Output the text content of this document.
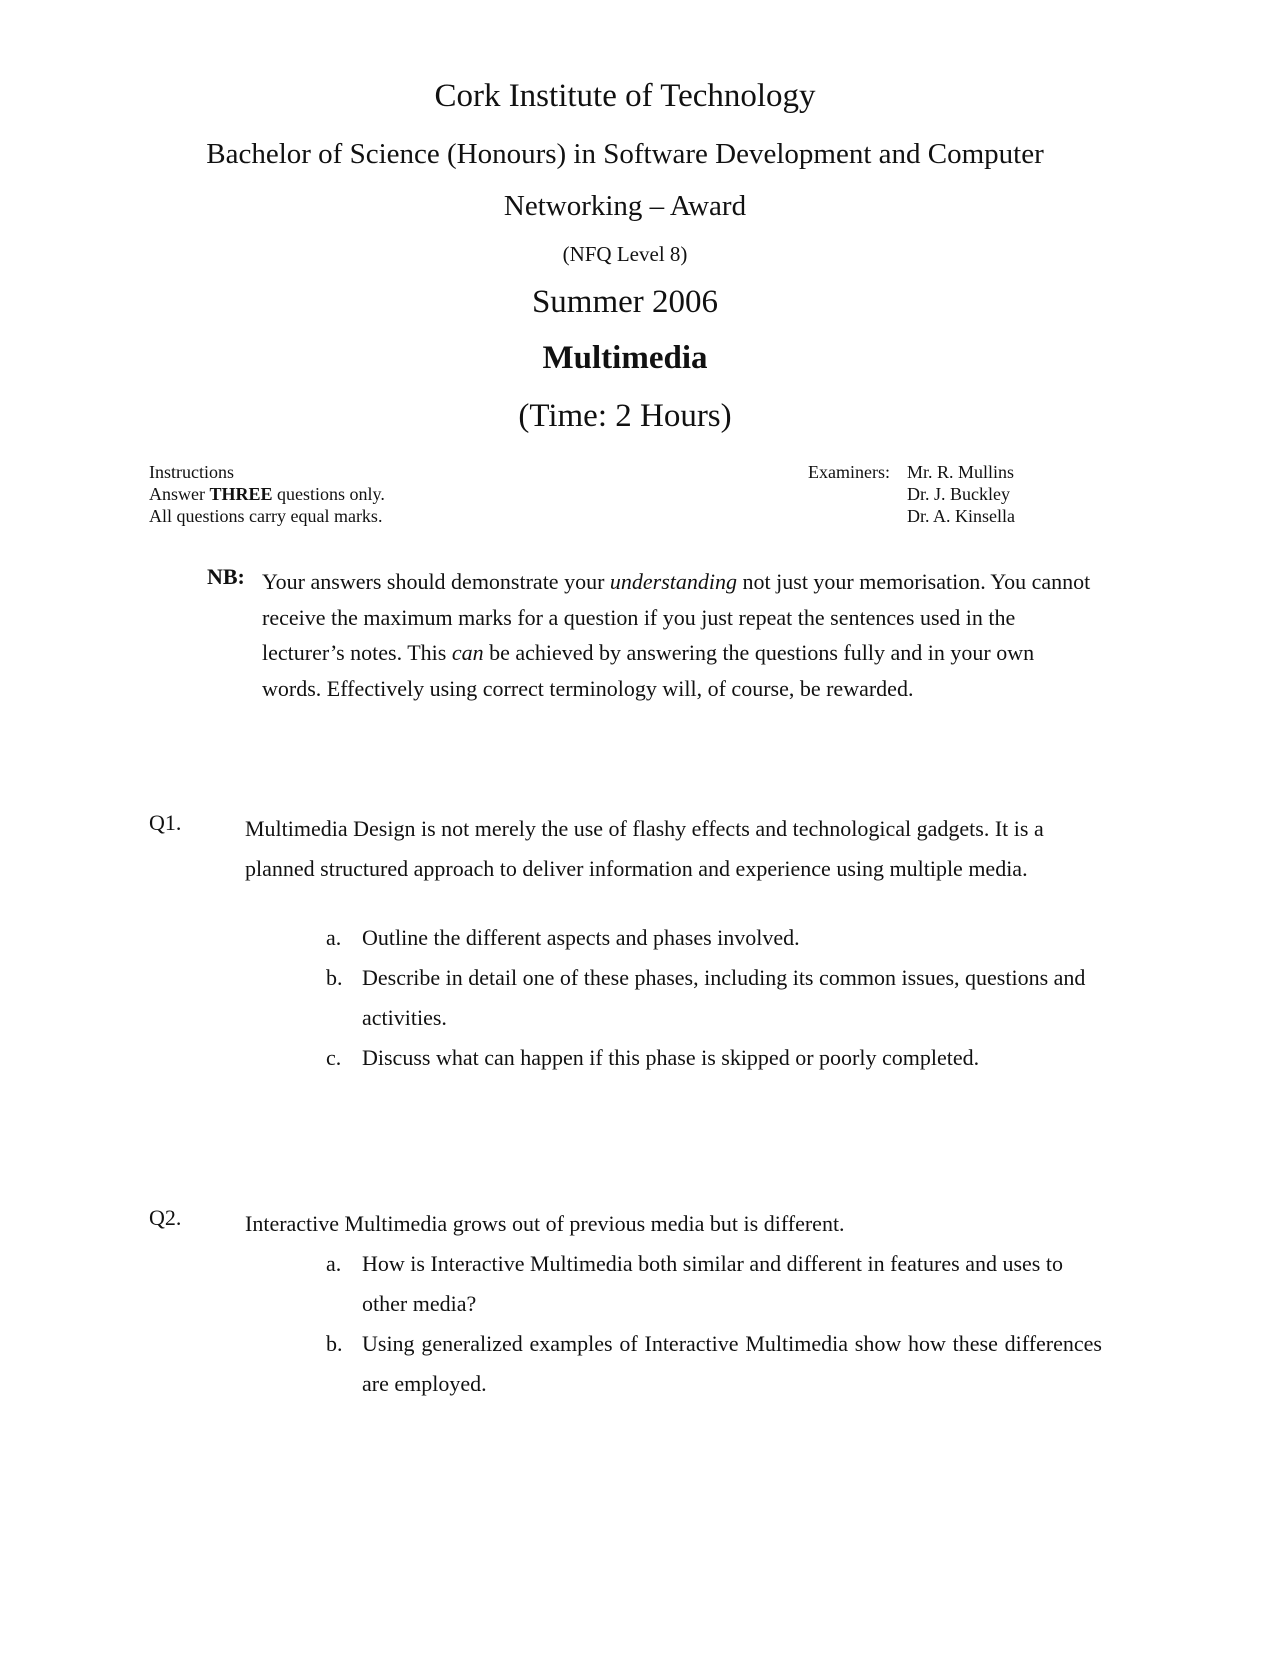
Cork Institute of Technology
Bachelor of Science (Honours) in Software Development and Computer
Networking – Award
(NFQ Level 8)
Summer 2006
Multimedia
(Time: 2 Hours)
Instructions
Answer THREE questions only.
All questions carry equal marks.
Examiners: Mr. R. Mullins
Dr. J. Buckley
Dr. A. Kinsella
NB: Your answers should demonstrate your understanding not just your memorisation. You cannot receive the maximum marks for a question if you just repeat the sentences used in the lecturer’s notes. This can be achieved by answering the questions fully and in your own words. Effectively using correct terminology will, of course, be rewarded.
Q1.	Multimedia Design is not merely the use of flashy effects and technological gadgets. It is a planned structured approach to deliver information and experience using multiple media.
a. Outline the different aspects and phases involved.
b. Describe in detail one of these phases, including its common issues, questions and activities.
c. Discuss what can happen if this phase is skipped or poorly completed.
Q2.	Interactive Multimedia grows out of previous media but is different.
a. How is Interactive Multimedia both similar and different in features and uses to other media?
b. Using generalized examples of Interactive Multimedia show how these differences are employed.
